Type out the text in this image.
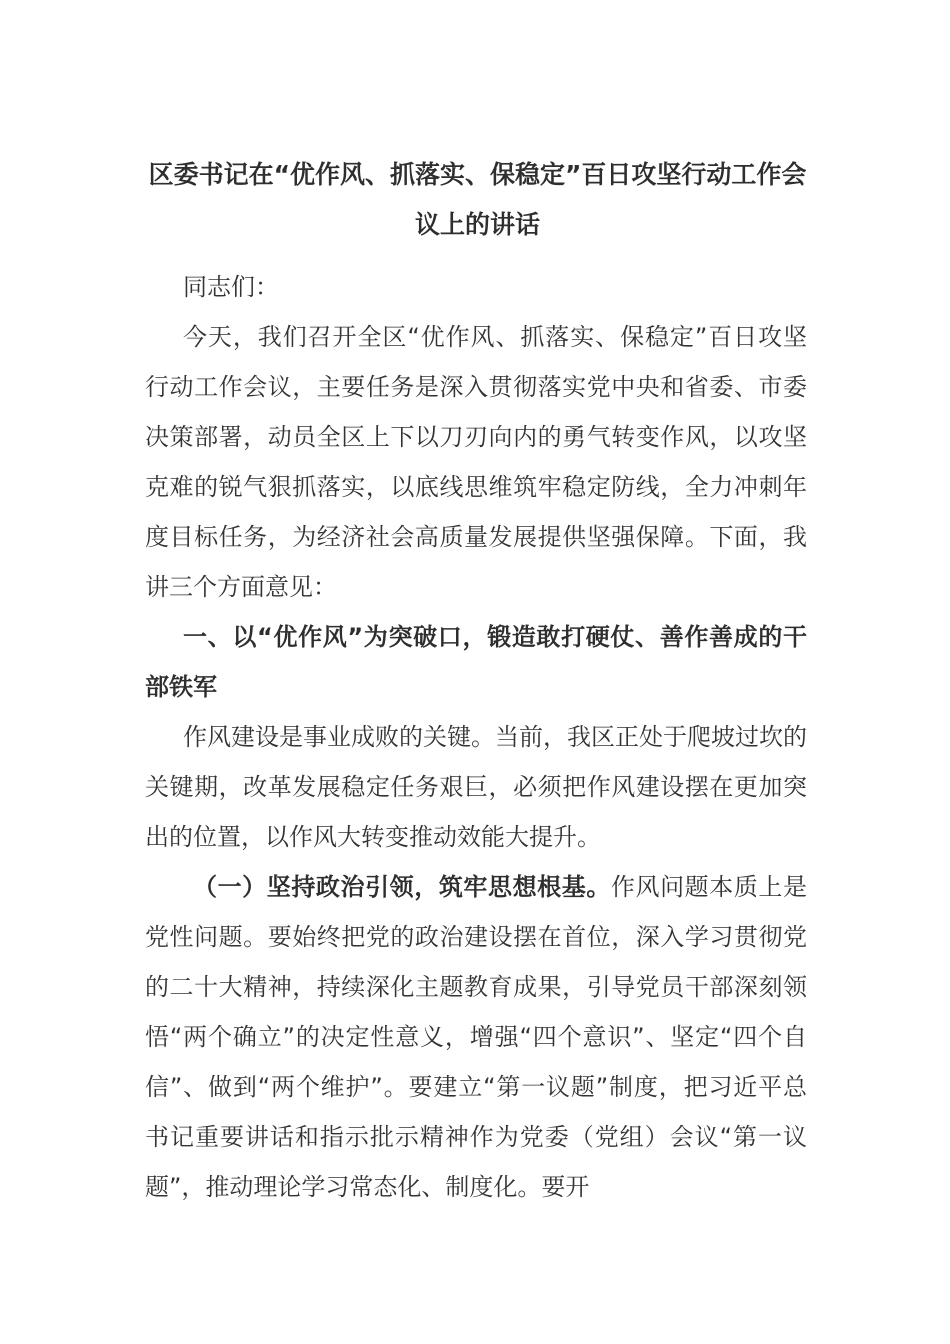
区委书记在“优作风、抓落实、保稳定”百日攻坚行动工作会议上的讲话

同志们：

今天，我们召开全区“优作风、抓落实、保稳定”百日攻坚行动工作会议，主要任务是深入贯彻落实党中央和省委、市委决策部署，动员全区上下以刀刃向内的勇气转变作风，以攻坚克难的锐气狠抓落实，以底线思维筑牢稳定防线，全力冲刺年度目标任务，为经济社会高质量发展提供坚强保障。下面，我讲三个方面意见：

一、以“优作风”为突破口，锻造敢打硬仗、善作善成的干部铁军

作风建设是事业成败的关键。当前，我区正处于爬坡过坎的关键期，改革发展稳定任务艰巨，必须把作风建设摆在更加突出的位置，以作风大转变推动效能大提升。

（一）坚持政治引领，筑牢思想根基。作风问题本质上是党性问题。要始终把党的政治建设摆在首位，深入学习贯彻党的二十大精神，持续深化主题教育成果，引导党员干部深刻领悟“两个确立”的决定性意义，增强“四个意识”、坚定“四个自信”、做到“两个维护”。要建立“第一议题”制度，把习近平总书记重要讲话和指示批示精神作为党委（党组）会议“第一议题”，推动理论学习常态化、制度化。要开
